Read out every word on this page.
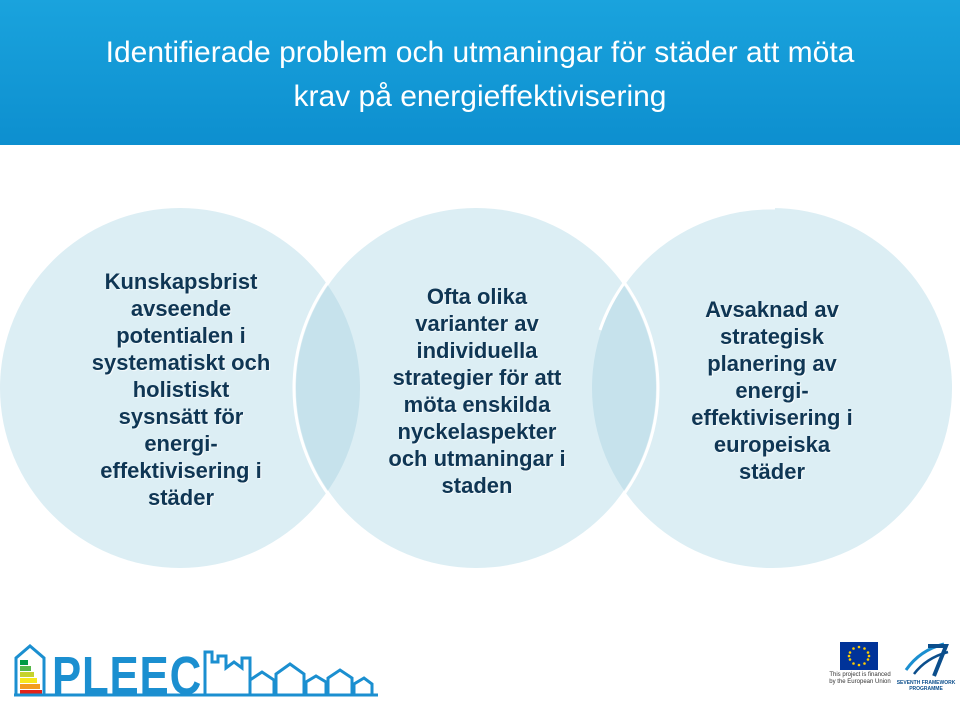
Identifierade problem och utmaningar för städer att möta
krav på energieffektivisering
Kunskapsbrist
avseende
potentialen i
systematiskt och
holistiskt
sysnsätt för
energi-
effektivisering i
städer
Ofta olika
varianter av
individuella
strategier för att
möta enskilda
nyckelaspekter
och utmaningar i
staden
Avsaknad av
strategisk
planering av
energi-
effektivisering i
europeiska
städer
PLEEC	This project is financed by the European Union	SEVENTH FRAMEWORK PROGRAMME
